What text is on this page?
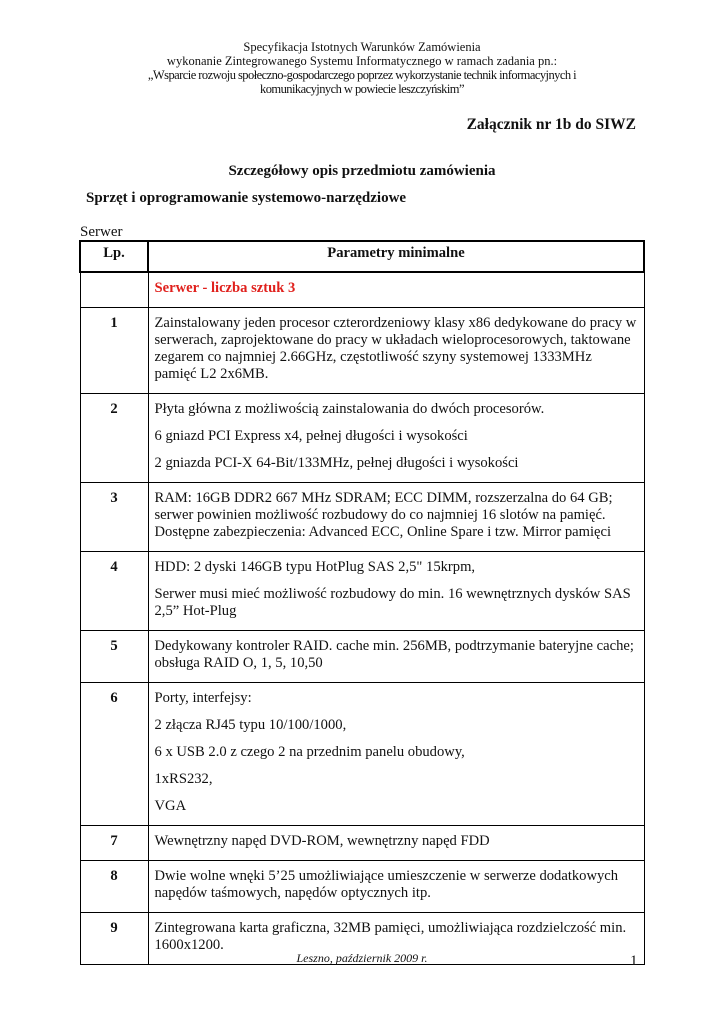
Specyfikacja Istotnych Warunków Zamówienia
wykonanie Zintegrowanego Systemu Informatycznego w ramach zadania pn.:
„Wsparcie rozwoju społeczno-gospodarczego poprzez wykorzystanie technik informacyjnych i
komunikacyjnych w powiecie leszczyńskim”
Załącznik nr 1b do SIWZ
Szczegółowy opis przedmiotu zamówienia
Sprzęt i oprogramowanie systemowo-narzędziowe
Serwer
Lp.	Parametry minimalne
	Serwer - liczba sztuk 3
1	Zainstalowany jeden procesor czterordzeniowy klasy x86 dedykowane do pracy w serwerach, zaprojektowane do pracy w układach wieloprocesorowych, taktowane zegarem co najmniej 2.66GHz, częstotliwość szyny systemowej 1333MHz pamięć L2 2x6MB.

2	Płyta główna z możliwością zainstalowania do dwóch procesorów.

6 gniazd PCI Express x4, pełnej długości i wysokości

2 gniazda PCI-X 64-Bit/133MHz, pełnej długości i wysokości

3	RAM: 16GB DDR2 667 MHz SDRAM; ECC DIMM, rozszerzalna do 64 GB; serwer powinien możliwość rozbudowy do co najmniej 16 slotów na pamięć. Dostępne zabezpieczenia: Advanced ECC, Online Spare i tzw. Mirror pamięci

4	HDD: 2 dyski 146GB typu HotPlug SAS 2,5" 15krpm,

Serwer musi mieć możliwość rozbudowy do min. 16 wewnętrznych dysków SAS 2,5” Hot-Plug

5	Dedykowany kontroler RAID. cache min. 256MB, podtrzymanie bateryjne cache; obsługa RAID O, 1, 5, 10,50

6	Porty, interfejsy:

2 złącza RJ45 typu 10/100/1000,

6 x USB 2.0 z czego 2 na przednim panelu obudowy,

1xRS232,

VGA

7	Wewnętrzny napęd DVD-ROM, wewnętrzny napęd FDD

8	Dwie wolne wnęki 5’25 umożliwiające umieszczenie w serwerze dodatkowych napędów taśmowych, napędów optycznych itp.

9	Zintegrowana karta graficzna, 32MB pamięci, umożliwiająca rozdzielczość min. 1600x1200.

Leszno, październik 2009 r.	1
